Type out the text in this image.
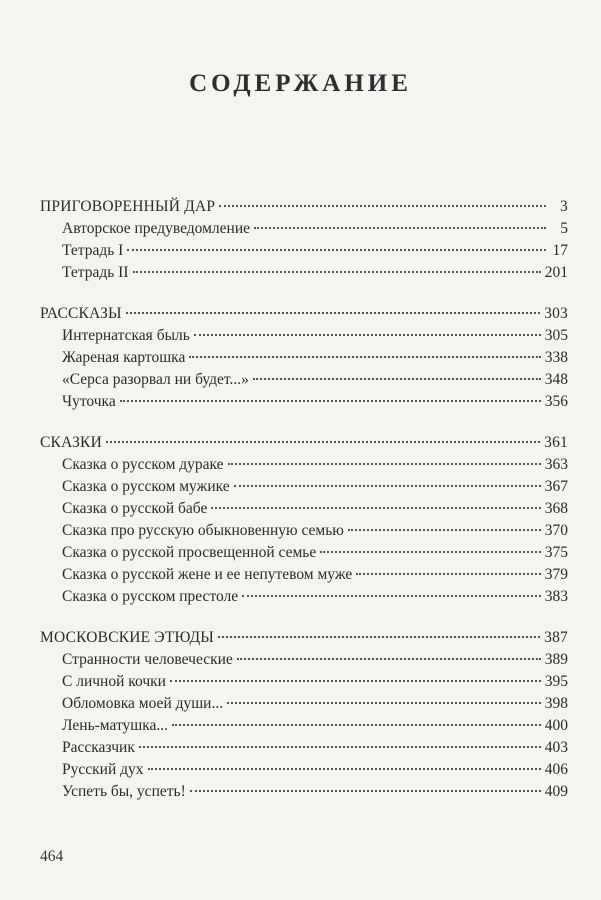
СОДЕРЖАНИЕ
ПРИГОВОРЕННЫЙ ДАР	3
Авторское предуведомление	5
Тетрадь I	17
Тетрадь II	201
РАССКАЗЫ	303
Интернатская быль	305
Жареная картошка	338
«Серса разорвал ни будет...»	348
Чуточка	356
СКАЗКИ	361
Сказка о русском дураке	363
Сказка о русском мужике	367
Сказка о русской бабе	368
Сказка про русскую обыкновенную семью	370
Сказка о русской просвещенной семье	375
Сказка о русской жене и ее непутевом муже	379
Сказка о русском престоле	383
МОСКОВСКИЕ ЭТЮДЫ	387
Странности человеческие	389
С личной кочки	395
Обломовка моей души...	398
Лень-матушка...	400
Рассказчик	403
Русский дух	406
Успеть бы, успеть!	409
464
